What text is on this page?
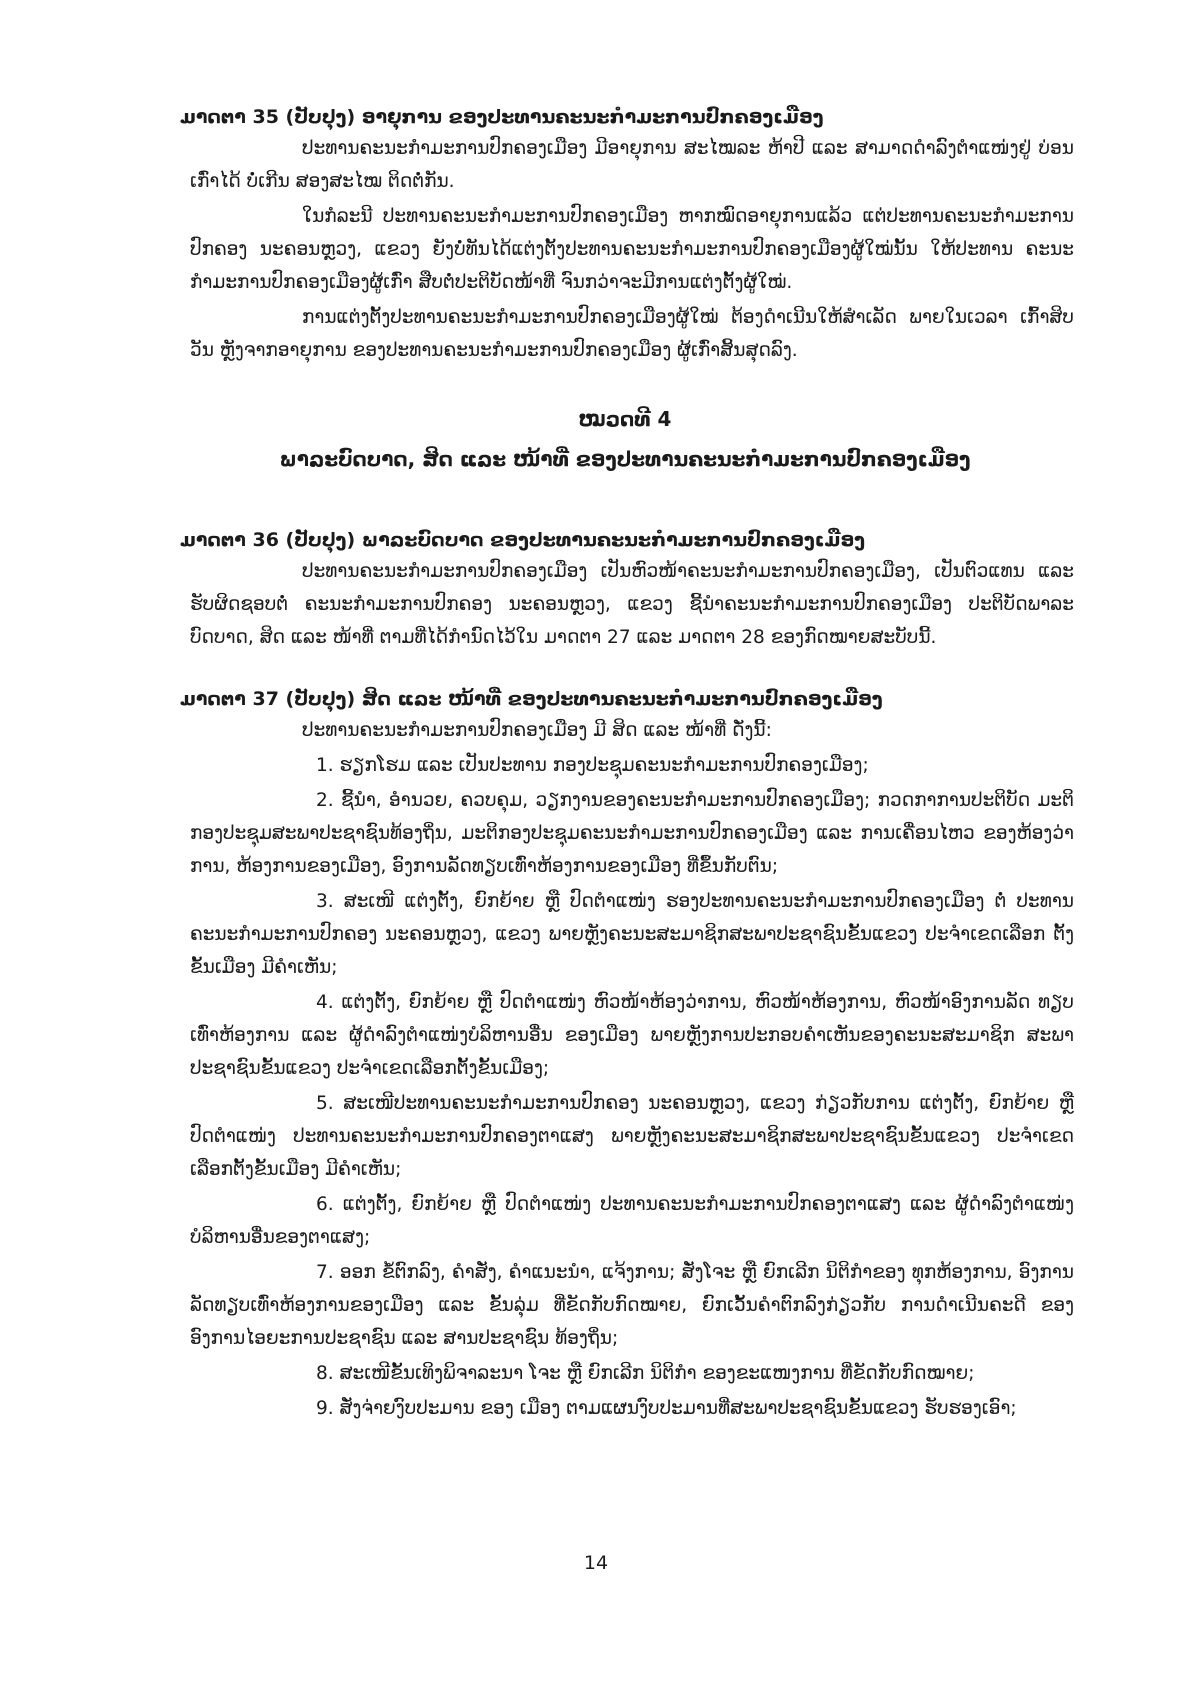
ມາດຕາ 35 (ປັບປຸງ) ອາຍຸການ ຂອງປະທານຄະນະກຳມະການປົກຄອງເມືອງ

ປະທານຄະນະກຳມະການປົກຄອງເມືອງ ມີອາຍຸການ ສະໄໝລະ ຫ້າປີ ແລະ ສາມາດດຳລົງຕຳແໜ່ງຢູ່ ບ່ອນເກົ່າໄດ້ ບໍ່ເກີນ ສອງສະໄໝ ຕິດຕໍ່ກັນ.

ໃນກໍລະນີ ປະທານຄະນະກຳມະການປົກຄອງເມືອງ ຫາກໝົດອາຍຸການແລ້ວ ແຕ່ປະທານຄະນະກຳມະການ ປົກຄອງ ນະຄອນຫຼວງ, ແຂວງ ຍັງບໍ່ທັນໄດ້ແຕ່ງຕັ້ງປະທານຄະນະກຳມະການປົກຄອງເມືອງຜູ້ໃໝ່ນັ້ນ ໃຫ້ປະທານ ຄະນະກຳມະການປົກຄອງເມືອງຜູ້ເກົ່າ ສືບຕໍ່ປະຕິບັດໜ້າທີ່ ຈົນກວ່າຈະມີການແຕ່ງຕັ້ງຜູ້ໃໝ່.

ການແຕ່ງຕັ້ງປະທານຄະນະກຳມະການປົກຄອງເມືອງຜູ້ໃໝ່ ຕ້ອງດຳເນີນໃຫ້ສຳເລັດ ພາຍໃນເວລາ ເກົ້າສິບວັນ ຫຼັງຈາກອາຍຸການ ຂອງປະທານຄະນະກຳມະການປົກຄອງເມືອງ ຜູ້ເກົ່າສິ້ນສຸດລົງ.

ໝວດທີ 4

ພາລະບົດບາດ, ສິດ ແລະ ໜ້າທີ່ ຂອງປະທານຄະນະກຳມະການປົກຄອງເມືອງ

ມາດຕາ 36 (ປັບປຸງ) ພາລະບົດບາດ ຂອງປະທານຄະນະກຳມະການປົກຄອງເມືອງ

ປະທານຄະນະກຳມະການປົກຄອງເມືອງ ເປັນຫົວໜ້າຄະນະກຳມະການປົກຄອງເມືອງ, ເປັນຕົວແທນ ແລະ ຮັບຜິດຊອບຕໍ່ ຄະນະກຳມະການປົກຄອງ ນະຄອນຫຼວງ, ແຂວງ ຊີ້ນຳຄະນະກຳມະການປົກຄອງເມືອງ ປະຕິບັດພາລະ ບົດບາດ, ສິດ ແລະ ໜ້າທີ່ ຕາມທີ່ໄດ້ກຳນົດໄວ້ໃນ ມາດຕາ 27 ແລະ ມາດຕາ 28 ຂອງກົດໝາຍສະບັບນີ້.

ມາດຕາ 37 (ປັບປຸງ) ສິດ ແລະ ໜ້າທີ່ ຂອງປະທານຄະນະກຳມະການປົກຄອງເມືອງ

ປະທານຄະນະກຳມະການປົກຄອງເມືອງ ມີ ສິດ ແລະ ໜ້າທີ່ ດັ່ງນີ້:

1. ຮຽກໂຮມ ແລະ ເປັນປະທານ ກອງປະຊຸມຄະນະກຳມະການປົກຄອງເມືອງ;

2. ຊີ້ນຳ, ອຳນວຍ, ຄວບຄຸມ, ວຽກງານຂອງຄະນະກຳມະການປົກຄອງເມືອງ; ກວດກາການປະຕິບັດ ມະຕິກອງປະຊຸມສະພາປະຊາຊົນທ້ອງຖິ່ນ, ມະຕິກອງປະຊຸມຄະນະກຳມະການປົກຄອງເມືອງ ແລະ ການເຄື່ອນໄຫວ ຂອງຫ້ອງວ່າການ, ຫ້ອງການຂອງເມືອງ, ອົງການລັດທຽບເທົ່າຫ້ອງການຂອງເມືອງ ທີ່ຂຶ້ນກັບຕົນ;

3. ສະເໜີ ແຕ່ງຕັ້ງ, ຍົກຍ້າຍ ຫຼື ປົດຕຳແໜ່ງ ຮອງປະທານຄະນະກຳມະການປົກຄອງເມືອງ ຕໍ່ ປະທານ ຄະນະກຳມະການປົກຄອງ ນະຄອນຫຼວງ, ແຂວງ ພາຍຫຼັງຄະນະສະມາຊິກສະພາປະຊາຊົນຂັ້ນແຂວງ ປະຈຳເຂດເລືອກ ຕັ້ງຂັ້ນເມືອງ ມີຄຳເຫັນ;

4. ແຕ່ງຕັ້ງ, ຍົກຍ້າຍ ຫຼື ປົດຕຳແໜ່ງ ຫົວໜ້າຫ້ອງວ່າການ, ຫົວໜ້າຫ້ອງການ, ຫົວໜ້າອົງການລັດ ທຽບເທົ່າຫ້ອງການ ແລະ ຜູ້ດຳລົງຕຳແໜ່ງບໍລິຫານອື່ນ ຂອງເມືອງ ພາຍຫຼັງການປະກອບຄຳເຫັນຂອງຄະນະສະມາຊິກ ສະພາປະຊາຊົນຂັ້ນແຂວງ ປະຈຳເຂດເລືອກຕັ້ງຂັ້ນເມືອງ;

5. ສະເໜີປະທານຄະນະກຳມະການປົກຄອງ ນະຄອນຫຼວງ, ແຂວງ ກ່ຽວກັບການ ແຕ່ງຕັ້ງ, ຍົກຍ້າຍ ຫຼື ປົດຕຳແໜ່ງ ປະທານຄະນະກຳມະການປົກຄອງຕາແສງ ພາຍຫຼັງຄະນະສະມາຊິກສະພາປະຊາຊົນຂັ້ນແຂວງ ປະຈຳເຂດ ເລືອກຕັ້ງຂັ້ນເມືອງ ມີຄຳເຫັນ;

6. ແຕ່ງຕັ້ງ, ຍົກຍ້າຍ ຫຼື ປົດຕຳແໜ່ງ ປະທານຄະນະກຳມະການປົກຄອງຕາແສງ ແລະ ຜູ້ດຳລົງຕຳແໜ່ງ ບໍລິຫານອື່ນຂອງຕາແສງ;

7. ອອກ ຂໍ້ຕົກລົງ, ຄຳສັ່ງ, ຄຳແນະນຳ, ແຈ້ງການ; ສັ່ງໂຈະ ຫຼື ຍົກເລີກ ນິຕິກຳຂອງ ທຸກຫ້ອງການ, ອົງການລັດທຽບເທົ່າຫ້ອງການຂອງເມືອງ ແລະ ຂັ້ນລຸ່ມ ທີ່ຂັດກັບກົດໝາຍ, ຍົກເວັ້ນຄຳຕົກລົງກ່ຽວກັບ ການດຳເນີນຄະດີ ຂອງອົງການໄອຍະການປະຊາຊົນ ແລະ ສານປະຊາຊົນ ທ້ອງຖິ່ນ;

8. ສະເໜີຂັ້ນເທິງພິຈາລະນາ ໂຈະ ຫຼື ຍົກເລີກ ນິຕິກຳ ຂອງຂະແໜງການ ທີ່ຂັດກັບກົດໝາຍ;

9. ສັ່ງຈ່າຍງົບປະມານ ຂອງ ເມືອງ ຕາມແຜນງົບປະມານທີ່ສະພາປະຊາຊົນຂັ້ນແຂວງ ຮັບຮອງເອົາ;

14
